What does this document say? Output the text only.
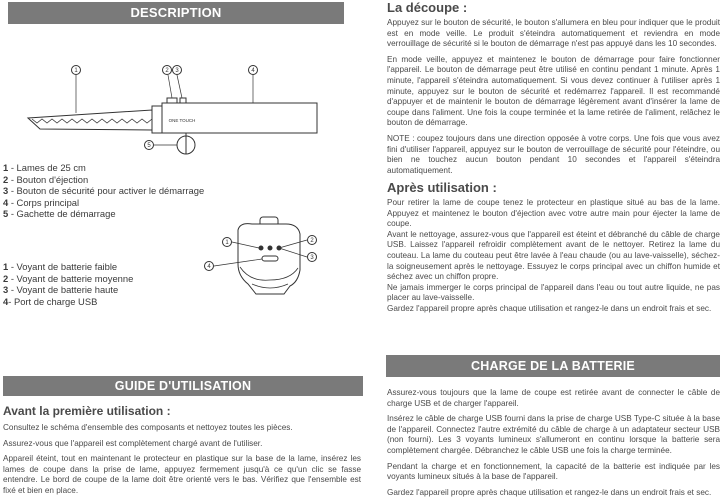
DESCRIPTION
1	2 3	4
5
ONE TOUCH
1 - Lames de 25 cm
2 - Bouton d'éjection
3 - Bouton de sécurité pour activer le démarrage
4 - Corps principal
5 - Gachette de démarrage
1	2
3
4
1 - Voyant de batterie faible
2 - Voyant de batterie moyenne
3 - Voyant de batterie haute
4- Port de charge USB
GUIDE D'UTILISATION
Avant la première utilisation :

Consultez le schéma d'ensemble des composants et nettoyez toutes les pièces.

Assurez-vous que l'appareil est complètement chargé avant de l'utiliser.

Appareil éteint, tout en maintenant le protecteur en plastique sur la base de la lame, insérez les lames de coupe dans la prise de lame, appuyez fermement jusqu'à ce qu'un clic se fasse entendre. Le bord de coupe de la lame doit être orienté vers le bas. Vérifiez que l'ensemble est fixé et bien en place.

La découpe :

Appuyez sur le bouton de sécurité, le bouton s'allumera en bleu pour indiquer que le produit est en mode veille. Le produit s'éteindra automatiquement et reviendra en mode verrouillage de sécurité si le bouton de démarrage n'est pas appuyé dans les 10 secondes.

En mode veille, appuyez et maintenez le bouton de démarrage pour faire fonctionner l'appareil. Le bouton de démarrage peut être utilisé en continu pendant 1 minute. Après 1 minute, l'appareil s'éteindra automatiquement. Si vous devez continuer à l'utiliser après 1 minute, appuyez sur le bouton de sécurité et redémarrez l'appareil. Il est recommandé d'appuyer et de maintenir le bouton de démarrage légèrement avant d'insérer la lame de coupe dans l'aliment. Une fois la coupe terminée et la lame retirée de l'aliment, relâchez le bouton de démarrage.

NOTE : coupez toujours dans une direction opposée à votre corps. Une fois que vous avez fini d'utiliser l'appareil, appuyez sur le bouton de verrouillage de sécurité pour l'éteindre, ou bien ne touchez aucun bouton pendant 10 secondes et l'appareil s'éteindra automatiquement.

Après utilisation :

Pour retirer la lame de coupe tenez le protecteur en plastique situé au bas de la lame. Appuyez et maintenez le bouton d'éjection avec votre autre main pour éjecter la lame de coupe.

Avant le nettoyage, assurez-vous que l'appareil est éteint et débranché du câble de charge USB. Laissez l'appareil refroidir complètement avant de le nettoyer. Retirez la lame du couteau. La lame du couteau peut être lavée à l'eau chaude (ou au lave-vaisselle), séchez-la soigneusement après le nettoyage. Essuyez le corps principal avec un chiffon humide et séchez avec un chiffon propre.

Ne jamais immerger le corps principal de l'appareil dans l'eau ou tout autre liquide, ne pas placer au lave-vaisselle.

Gardez l'appareil propre après chaque utilisation et rangez-le dans un endroit frais et sec.

CHARGE DE LA BATTERIE

Assurez-vous toujours que la lame de coupe est retirée avant de connecter le câble de charge USB et de charger l'appareil.

Insérez le câble de charge USB fourni dans la prise de charge USB Type-C située à la base de l'appareil. Connectez l'autre extrémité du câble de charge à un adaptateur secteur USB (non fourni). Les 3 voyants lumineux s'allumeront en continu lorsque la batterie sera complètement chargée. Débranchez le câble USB une fois la charge terminée.

Pendant la charge et en fonctionnement, la capacité de la batterie est indiquée par les voyants lumineux situés à la base de l'appareil.

Gardez l'appareil propre après chaque utilisation et rangez-le dans un endroit frais et sec.
